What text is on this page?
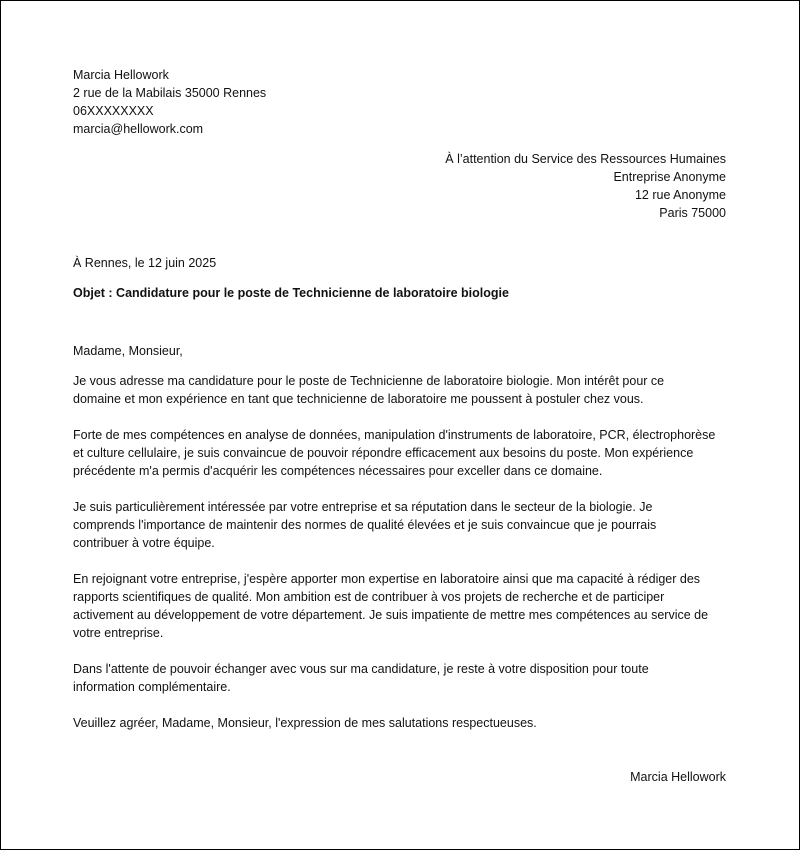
Marcia Hellowork
2 rue de la Mabilais 35000 Rennes
06XXXXXXXX
marcia@hellowork.com
À l’attention du Service des Ressources Humaines
Entreprise Anonyme
12 rue Anonyme
Paris 75000
À Rennes, le 12 juin 2025
Objet : Candidature pour le poste de Technicienne de laboratoire biologie
Madame, Monsieur,
Je vous adresse ma candidature pour le poste de Technicienne de laboratoire biologie. Mon intérêt pour ce
domaine et mon expérience en tant que technicienne de laboratoire me poussent à postuler chez vous.
Forte de mes compétences en analyse de données, manipulation d'instruments de laboratoire, PCR, électrophorèse
et culture cellulaire, je suis convaincue de pouvoir répondre efficacement aux besoins du poste. Mon expérience
précédente m'a permis d'acquérir les compétences nécessaires pour exceller dans ce domaine.
Je suis particulièrement intéressée par votre entreprise et sa réputation dans le secteur de la biologie. Je
comprends l'importance de maintenir des normes de qualité élevées et je suis convaincue que je pourrais
contribuer à votre équipe.
En rejoignant votre entreprise, j'espère apporter mon expertise en laboratoire ainsi que ma capacité à rédiger des
rapports scientifiques de qualité. Mon ambition est de contribuer à vos projets de recherche et de participer
activement au développement de votre département. Je suis impatiente de mettre mes compétences au service de
votre entreprise.
Dans l'attente de pouvoir échanger avec vous sur ma candidature, je reste à votre disposition pour toute
information complémentaire.
Veuillez agréer, Madame, Monsieur, l'expression de mes salutations respectueuses.
Marcia Hellowork
